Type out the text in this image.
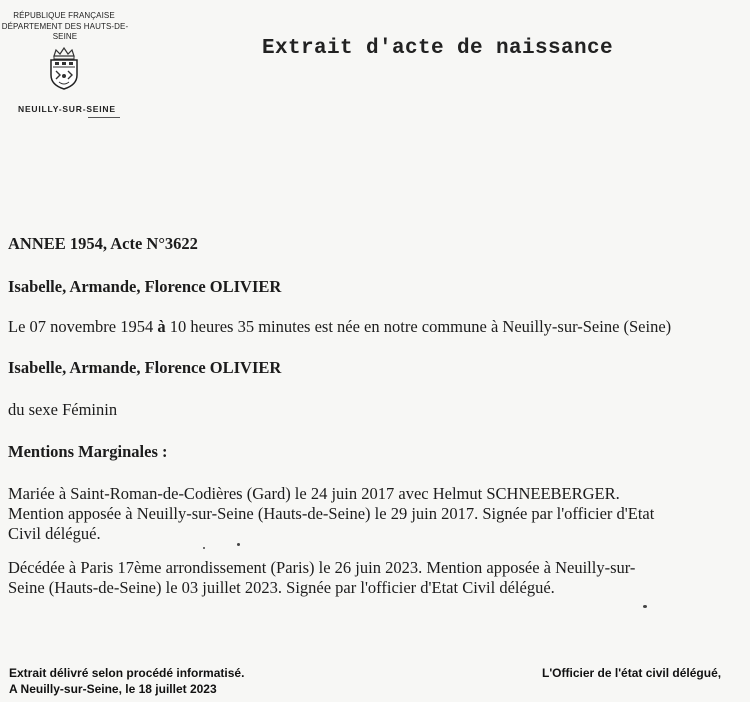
RÉPUBLIQUE FRANÇAISE
DÉPARTEMENT DES HAUTS-DE-SEINE
NEUILLY-SUR-SEINE
Extrait d'acte de naissance
ANNEE 1954, Acte N°3622
Isabelle, Armande, Florence OLIVIER
Le 07 novembre 1954 à 10 heures 35 minutes est née en notre commune à Neuilly-sur-Seine (Seine)
Isabelle, Armande, Florence OLIVIER
du sexe Féminin
Mentions Marginales :
Mariée à Saint-Roman-de-Codières (Gard) le 24 juin 2017 avec Helmut SCHNEEBERGER.
Mention apposée à Neuilly-sur-Seine (Hauts-de-Seine) le 29 juin 2017. Signée par l'officier d'Etat
Civil délégué.
Décédée à Paris 17ème arrondissement (Paris) le 26 juin 2023. Mention apposée à Neuilly-sur-
Seine (Hauts-de-Seine) le 03 juillet 2023. Signée par l'officier d'Etat Civil délégué.
Extrait délivré selon procédé informatisé.
A Neuilly-sur-Seine, le 18 juillet 2023
L'Officier de l'état civil délégué,
